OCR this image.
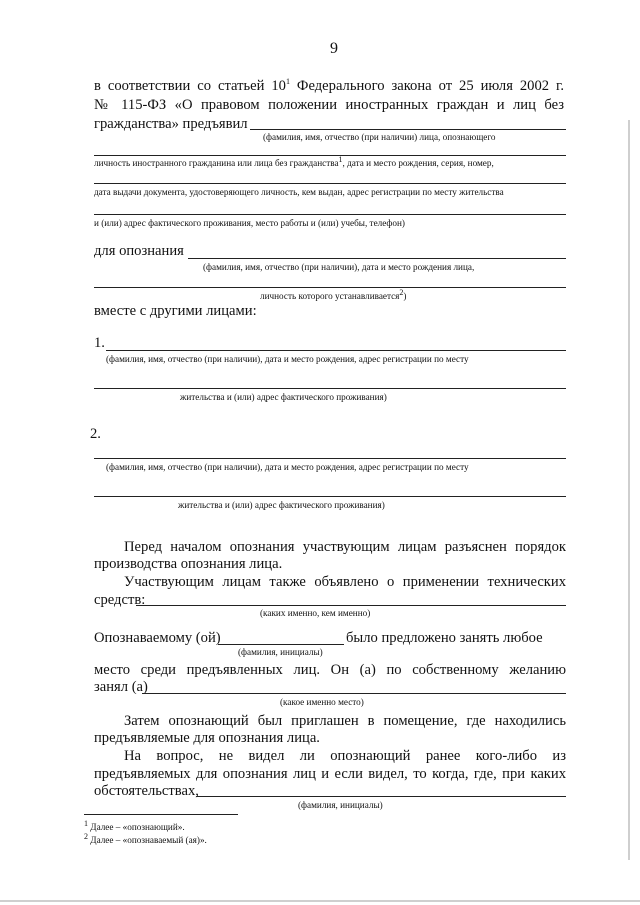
9
в соответствии со статьей $10^1$ Федерального закона от 25 июля 2002 г.
№ 115-ФЗ «О правовом положении иностранных граждан и лиц без
гражданства» предъявил
(фамилия, имя, отчество (при наличии) лица, опознающего
личность иностранного гражданина или лица без гражданства$^1$, дата и место рождения, серия, номер,
дата выдачи документа, удостоверяющего личность, кем выдан, адрес регистрации по месту жительства
и (или) адрес фактического проживания, место работы и (или) учебы, телефон)
для опознания
(фамилия, имя, отчество (при наличии), дата и место рождения лица,
личность которого устанавливается$^2$)
вместе с другими лицами:
1.
(фамилия, имя, отчество (при наличии), дата и место рождения, адрес регистрации по месту
жительства и (или) адрес фактического проживания)
2.
(фамилия, имя, отчество (при наличии), дата и место рождения, адрес регистрации по месту
жительства и (или) адрес фактического проживания)
Перед началом опознания участвующим лицам разъяснен порядок
производства опознания лица.
Участвующим лицам также объявлено о применении технических
средств:
(каких именно, кем именно)
Опознаваемому (ой)	было предложено занять любое
(фамилия, инициалы)
место среди предъявленных лиц. Он (а) по собственному желанию
занял (а)
(какое именно место)
Затем опознающий был приглашен в помещение, где находились
предъявляемые для опознания лица.
На вопрос, не видел ли опознающий ранее кого-либо из
предъявляемых для опознания лиц и если видел, то когда, где, при каких
обстоятельствах,
(фамилия, инициалы)
$^1$ Далее – «опознающий».
$^2$ Далее – «опознаваемый (ая)».
